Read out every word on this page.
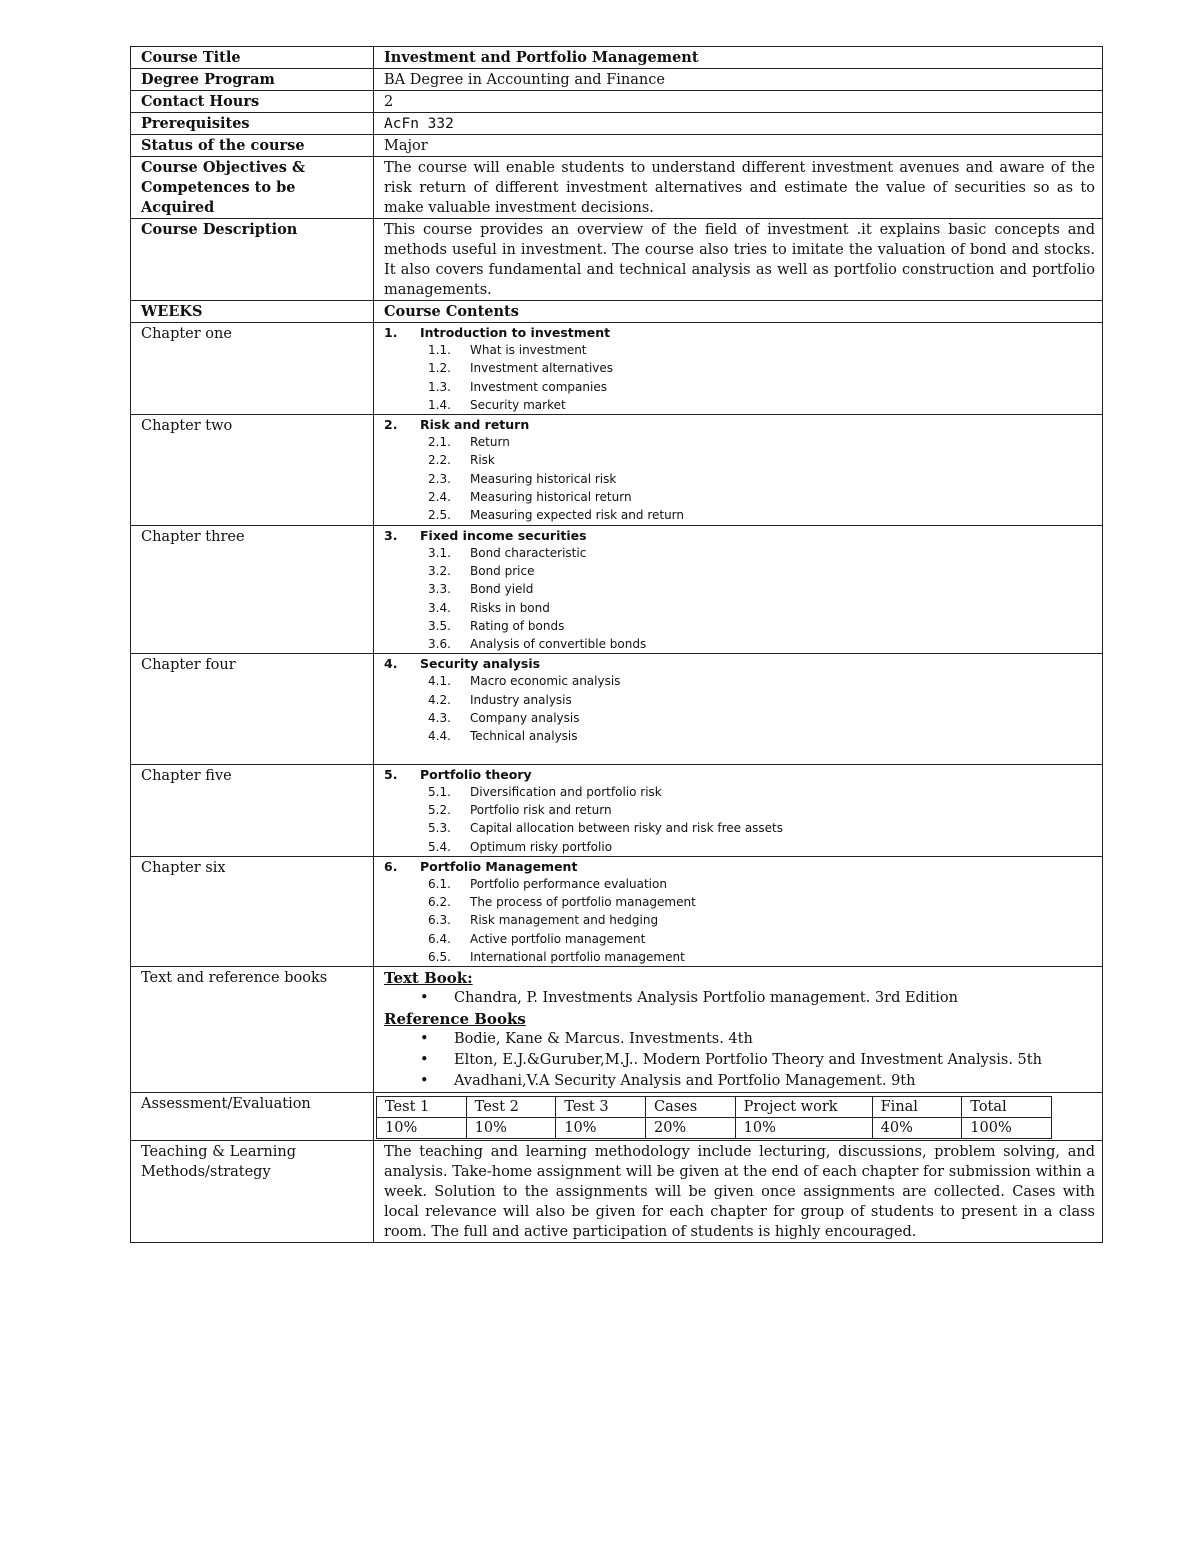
Course Title	Investment and Portfolio Management
Degree Program	BA Degree in Accounting and Finance
Contact Hours	2
Prerequisites	AcFn 332
Status of the course	Major
Course Objectives & Competences to be Acquired	The course will enable students to understand different investment avenues and aware of the risk return of different investment alternatives and estimate the value of securities so as to make valuable investment decisions.
Course Description	This course provides an overview of the field of investment .it explains basic concepts and methods useful in investment. The course also tries to imitate the valuation of bond and stocks. It also covers fundamental and technical analysis as well as portfolio construction and portfolio managements.
WEEKS	Course Contents
Chapter one	1.	Introduction to investment
1.1.	What is investment
1.2.	Investment alternatives
1.3.	Investment companies
1.4.	Security market

Chapter two	2.	Risk and return
2.1.	Return
2.2.	Risk
2.3.	Measuring historical risk
2.4.	Measuring historical return
2.5.	Measuring expected risk and return

Chapter three	3.	Fixed income securities
3.1.	Bond characteristic
3.2.	Bond price
3.3.	Bond yield
3.4.	Risks in bond
3.5.	Rating of bonds
3.6.	Analysis of convertible bonds

Chapter four	4.	Security analysis
4.1.	Macro economic analysis
4.2.	Industry analysis
4.3.	Company analysis
4.4.	Technical analysis

Chapter five	5.	Portfolio theory
5.1.	Diversification and portfolio risk
5.2.	Portfolio risk and return
5.3.	Capital allocation between risky and risk free assets
5.4.	Optimum risky portfolio

Chapter six	6.	Portfolio Management
6.1.	Portfolio performance evaluation
6.2.	The process of portfolio management
6.3.	Risk management and hedging
6.4.	Active portfolio management
6.5.	International portfolio management

Text and reference books	Text Book:
•	Chandra, P. Investments Analysis Portfolio management. 3rd Edition
Reference Books
•	Bodie, Kane & Marcus. Investments. 4th
•	Elton, E.J.&Guruber,M.J.. Modern Portfolio Theory and Investment Analysis. 5th
•	Avadhani,V.A Security Analysis and Portfolio Management. 9th

Assessment/Evaluation		Test 1	Test 2	Test 3	Cases	Project work	Final	Total
10%	10%	10%	20%	10%	40%	100%

Teaching & Learning Methods/strategy	The teaching and learning methodology include lecturing, discussions, problem solving, and analysis. Take-home assignment will be given at the end of each chapter for submission within a week. Solution to the assignments will be given once assignments are collected. Cases with local relevance will also be given for each chapter for group of students to present in a class room. The full and active participation of students is highly encouraged.
